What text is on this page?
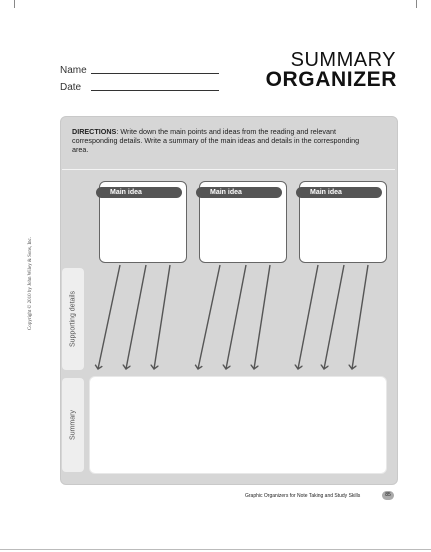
Name
Date
SUMMARY
ORGANIZER
Copyright © 2010 by John Wiley & Sons, Inc.
DIRECTIONS: Write down the main points and ideas from the reading and relevant corresponding details. Write a summary of the main ideas and details in the corresponding area.
Main idea	Main idea	Main idea
Supporting details
Summary
Graphic Organizers for Note Taking and Study Skills	85
